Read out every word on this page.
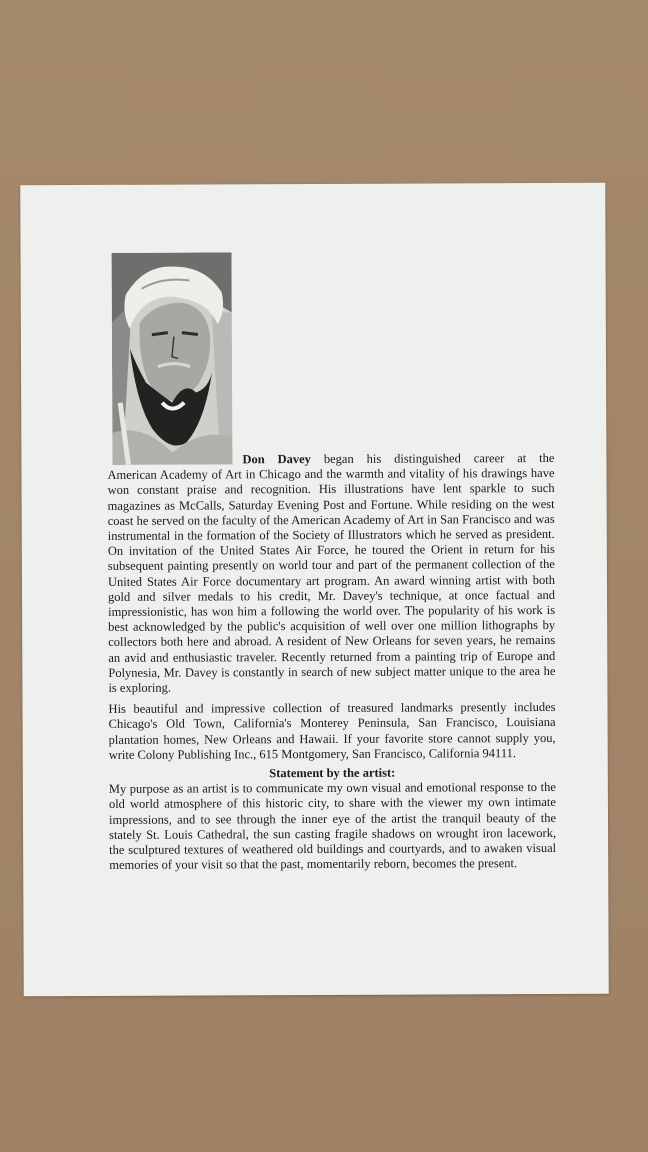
Don Davey began his distinguished career at the

American Academy of Art in Chicago and the warmth and vitality of his drawings have won constant praise and recognition. His illustrations have lent sparkle to such magazines as McCalls, Saturday Evening Post and Fortune. While residing on the west coast he served on the faculty of the American Academy of Art in San Francisco and was instrumental in the formation of the Society of Illustrators which he served as president. On invitation of the United States Air Force, he toured the Orient in return for his subsequent painting presently on world tour and part of the permanent collection of the United States Air Force documentary art program. An award winning artist with both gold and silver medals to his credit, Mr. Davey's technique, at once factual and impressionistic, has won him a following the world over. The popularity of his work is best acknowledged by the public's acquisition of well over one million lithographs by collectors both here and abroad. A resident of New Orleans for seven years, he remains an avid and enthusiastic traveler. Recently returned from a painting trip of Europe and Polynesia, Mr. Davey is constantly in search of new subject matter unique to the area he is exploring.

His beautiful and impressive collection of treasured landmarks presently includes Chicago's Old Town, California's Monterey Peninsula, San Francisco, Louisiana plantation homes, New Orleans and Hawaii. If your favorite store cannot supply you, write Colony Publishing Inc., 615 Montgomery, San Francisco, California 94111.

Statement by the artist:

My purpose as an artist is to communicate my own visual and emotional response to the old world atmosphere of this historic city, to share with the viewer my own intimate impressions, and to see through the inner eye of the artist the tranquil beauty of the stately St. Louis Cathedral, the sun casting fragile shadows on wrought iron lacework, the sculptured textures of weathered old buildings and courtyards, and to awaken visual memories of your visit so that the past, momentarily reborn, becomes the present.
